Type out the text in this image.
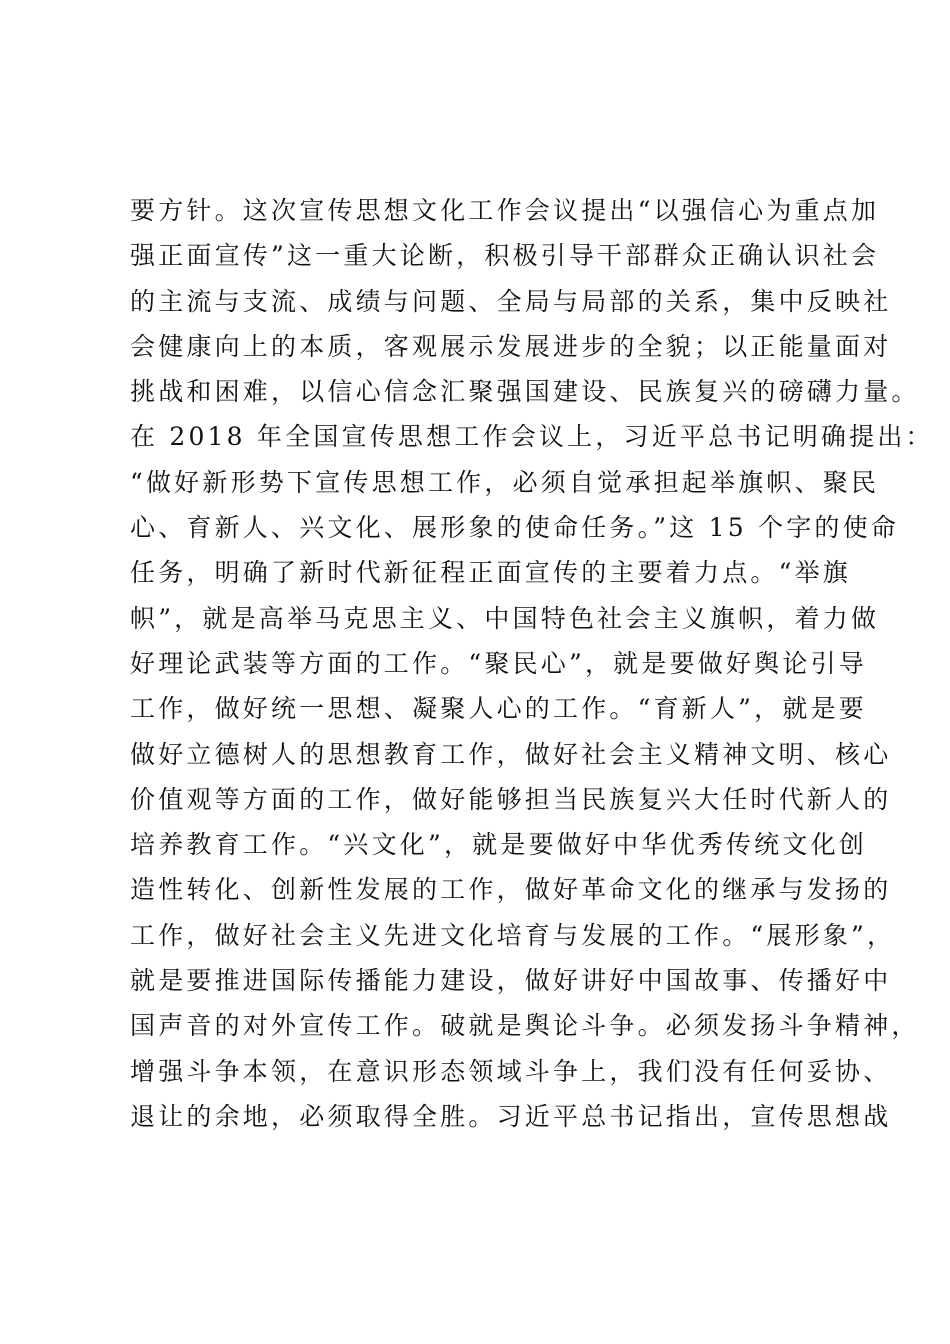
要方针。这次宣传思想文化工作会议提出“以强信心为重点加
强正面宣传”这一重大论断，积极引导干部群众正确认识社会
的主流与支流、成绩与问题、全局与局部的关系，集中反映社
会健康向上的本质，客观展示发展进步的全貌；以正能量面对
挑战和困难，以信心信念汇聚强国建设、民族复兴的磅礴力量。
在 2018 年全国宣传思想工作会议上，习近平总书记明确提出：
“做好新形势下宣传思想工作，必须自觉承担起举旗帜、聚民
心、育新人、兴文化、展形象的使命任务。”这 15 个字的使命
任务，明确了新时代新征程正面宣传的主要着力点。“举旗
帜”，就是高举马克思主义、中国特色社会主义旗帜，着力做
好理论武装等方面的工作。“聚民心”，就是要做好舆论引导
工作，做好统一思想、凝聚人心的工作。“育新人”，就是要
做好立德树人的思想教育工作，做好社会主义精神文明、核心
价值观等方面的工作，做好能够担当民族复兴大任时代新人的
培养教育工作。“兴文化”，就是要做好中华优秀传统文化创
造性转化、创新性发展的工作，做好革命文化的继承与发扬的
工作，做好社会主义先进文化培育与发展的工作。“展形象”，
就是要推进国际传播能力建设，做好讲好中国故事、传播好中
国声音的对外宣传工作。破就是舆论斗争。必须发扬斗争精神，
增强斗争本领，在意识形态领域斗争上，我们没有任何妥协、
退让的余地，必须取得全胜。习近平总书记指出，宣传思想战
